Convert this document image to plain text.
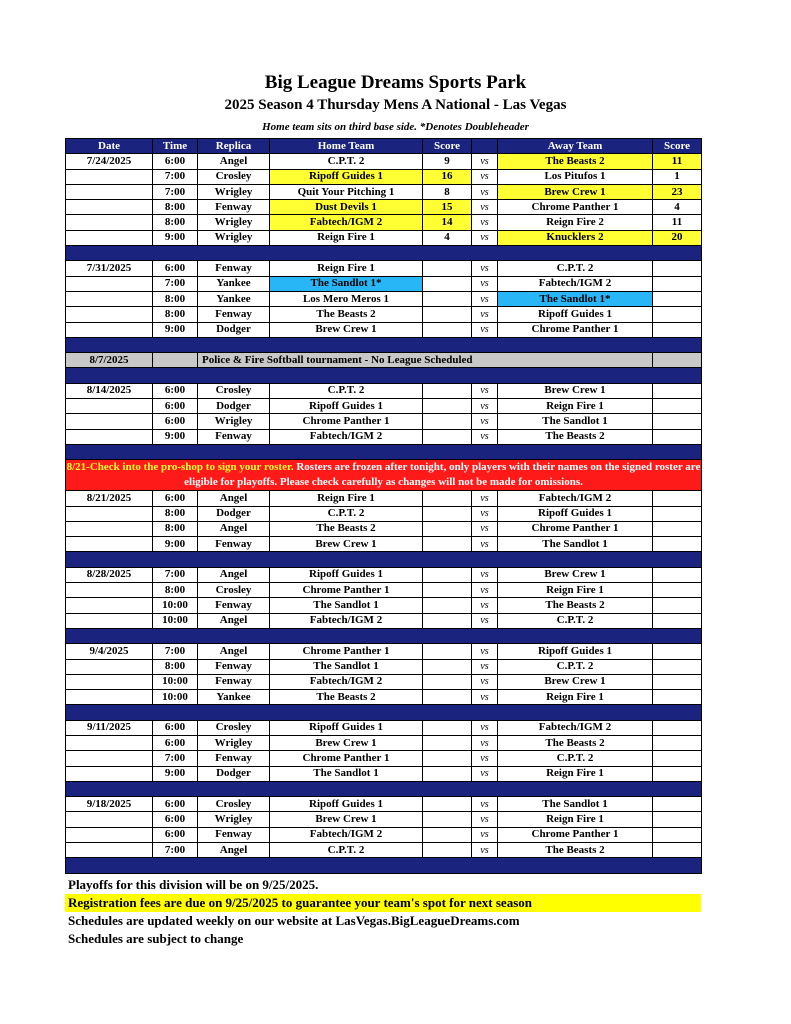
Big League Dreams Sports Park
2025 Season 4 Thursday Mens A National - Las Vegas
Home team sits on third base side. *Denotes Doubleheader
Date	Time	Replica	Home Team	Score		Away Team	Score
7/24/2025	6:00	Angel	C.P.T. 2	9	vs	The Beasts 2	11
	7:00	Crosley	Ripoff Guides 1	16	vs	Los Pitufos 1	1
	7:00	Wrigley	Quit Your Pitching 1	8	vs	Brew Crew 1	23
	8:00	Fenway	Dust Devils 1	15	vs	Chrome Panther 1	4
	8:00	Wrigley	Fabtech/IGM 2	14	vs	Reign Fire 2	11
	9:00	Wrigley	Reign Fire 1	4	vs	Knucklers 2	20

7/31/2025	6:00	Fenway	Reign Fire 1		vs	C.P.T. 2	
	7:00	Yankee	The Sandlot 1*		vs	Fabtech/IGM 2	
	8:00	Yankee	Los Mero Meros 1		vs	The Sandlot 1*	
	8:00	Fenway	The Beasts 2		vs	Ripoff Guides 1	
	9:00	Dodger	Brew Crew 1		vs	Chrome Panther 1	

8/7/2025		Police & Fire Softball tournament - No League Scheduled					

8/14/2025	6:00	Crosley	C.P.T. 2		vs	Brew Crew 1	
	6:00	Dodger	Ripoff Guides 1		vs	Reign Fire 1	
	6:00	Wrigley	Chrome Panther 1		vs	The Sandlot 1	
	9:00	Fenway	Fabtech/IGM 2		vs	The Beasts 2	

8/21-Check into the pro-shop to sign your roster. Rosters are frozen after tonight, only players with their names on the signed roster are eligible for playoffs. Please check carefully as changes will not be made for omissions.							
8/21/2025	6:00	Angel	Reign Fire 1		vs	Fabtech/IGM 2	
	8:00	Dodger	C.P.T. 2		vs	Ripoff Guides 1	
	8:00	Angel	The Beasts 2		vs	Chrome Panther 1	
	9:00	Fenway	Brew Crew 1		vs	The Sandlot 1	

8/28/2025	7:00	Angel	Ripoff Guides 1		vs	Brew Crew 1	
	8:00	Crosley	Chrome Panther 1		vs	Reign Fire 1	
	10:00	Fenway	The Sandlot 1		vs	The Beasts 2	
	10:00	Angel	Fabtech/IGM 2		vs	C.P.T. 2	

9/4/2025	7:00	Angel	Chrome Panther 1		vs	Ripoff Guides 1	
	8:00	Fenway	The Sandlot 1		vs	C.P.T. 2	
	10:00	Fenway	Fabtech/IGM 2		vs	Brew Crew 1	
	10:00	Yankee	The Beasts 2		vs	Reign Fire 1	

9/11/2025	6:00	Crosley	Ripoff Guides 1		vs	Fabtech/IGM 2	
	6:00	Wrigley	Brew Crew 1		vs	The Beasts 2	
	7:00	Fenway	Chrome Panther 1		vs	C.P.T. 2	
	9:00	Dodger	The Sandlot 1		vs	Reign Fire 1	

9/18/2025	6:00	Crosley	Ripoff Guides 1		vs	The Sandlot 1	
	6:00	Wrigley	Brew Crew 1		vs	Reign Fire 1	
	6:00	Fenway	Fabtech/IGM 2		vs	Chrome Panther 1	
	7:00	Angel	C.P.T. 2		vs	The Beasts 2	

Playoffs for this division will be on 9/25/2025.
Registration fees are due on 9/25/2025 to guarantee your team's spot for next season
Schedules are updated weekly on our website at LasVegas.BigLeagueDreams.com
Schedules are subject to change
